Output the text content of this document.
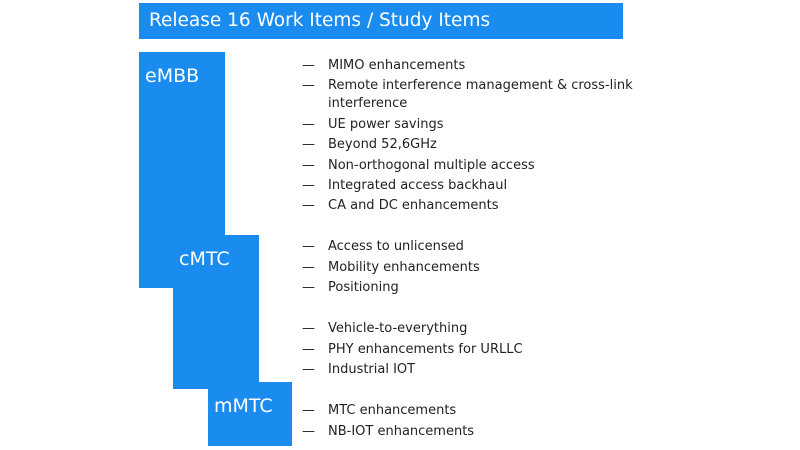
Release 16 Work Items / Study Items
eMBB
cMTC
mMTC
— MIMO enhancements
— Remote interference management & cross-link interference
— UE power savings
— Beyond 52,6GHz
— Non-orthogonal multiple access
— Integrated access backhaul
— CA and DC enhancements
— Access to unlicensed
— Mobility enhancements
— Positioning
— Vehicle-to-everything
— PHY enhancements for URLLC
— Industrial IOT
— MTC enhancements
— NB-IOT enhancements
